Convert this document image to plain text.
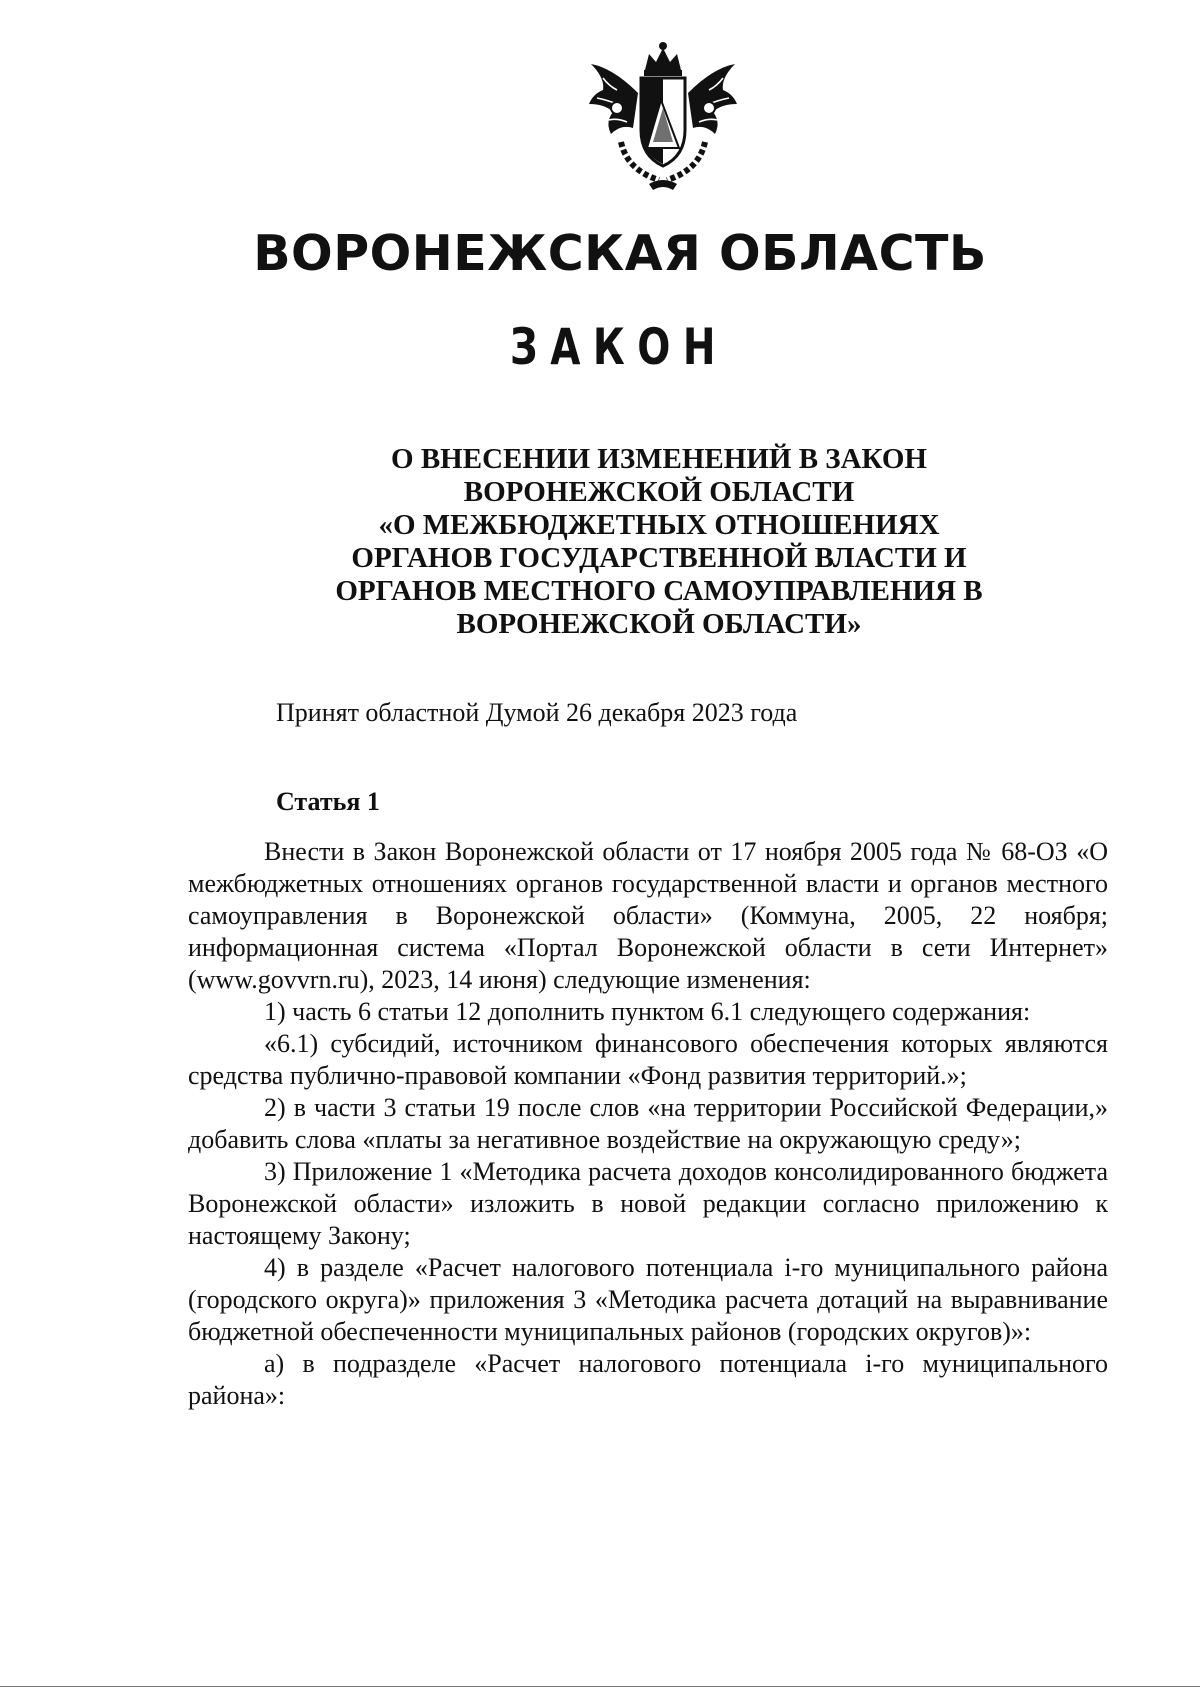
ВОРОНЕЖСКАЯ ОБЛАСТЬ
ЗАКОН
О ВНЕСЕНИИ ИЗМЕНЕНИЙ В ЗАКОН
ВОРОНЕЖСКОЙ ОБЛАСТИ
«О МЕЖБЮДЖЕТНЫХ ОТНОШЕНИЯХ
ОРГАНОВ ГОСУДАРСТВЕННОЙ ВЛАСТИ И
ОРГАНОВ МЕСТНОГО САМОУПРАВЛЕНИЯ В
ВОРОНЕЖСКОЙ ОБЛАСТИ»
Принят областной Думой 26 декабря 2023 года
Статья 1

Внести в Закон Воронежской области от 17 ноября 2005 года № 68-ОЗ «О межбюджетных отношениях органов государственной власти и органов местного самоуправления в Воронежской области» (Коммуна, 2005, 22 ноября; информационная система «Портал Воронежской области в сети Интернет» (www.govvrn.ru), 2023, 14 июня) следующие изменения:

1) часть 6 статьи 12 дополнить пунктом 6.1 следующего содержания:

«6.1) субсидий, источником финансового обеспечения которых являются средства публично-правовой компании «Фонд развития территорий.»;

2) в части 3 статьи 19 после слов «на территории Российской Федерации,» добавить слова «платы за негативное воздействие на окружающую среду»;

3) Приложение 1 «Методика расчета доходов консолидированного бюджета Воронежской области» изложить в новой редакции согласно приложению к настоящему Закону;

4) в разделе «Расчет налогового потенциала i-го муниципального района (городского округа)» приложения 3 «Методика расчета дотаций на выравнивание бюджетной обеспеченности муниципальных районов (городских округов)»:

а) в подразделе «Расчет налогового потенциала i-го муниципального района»:
